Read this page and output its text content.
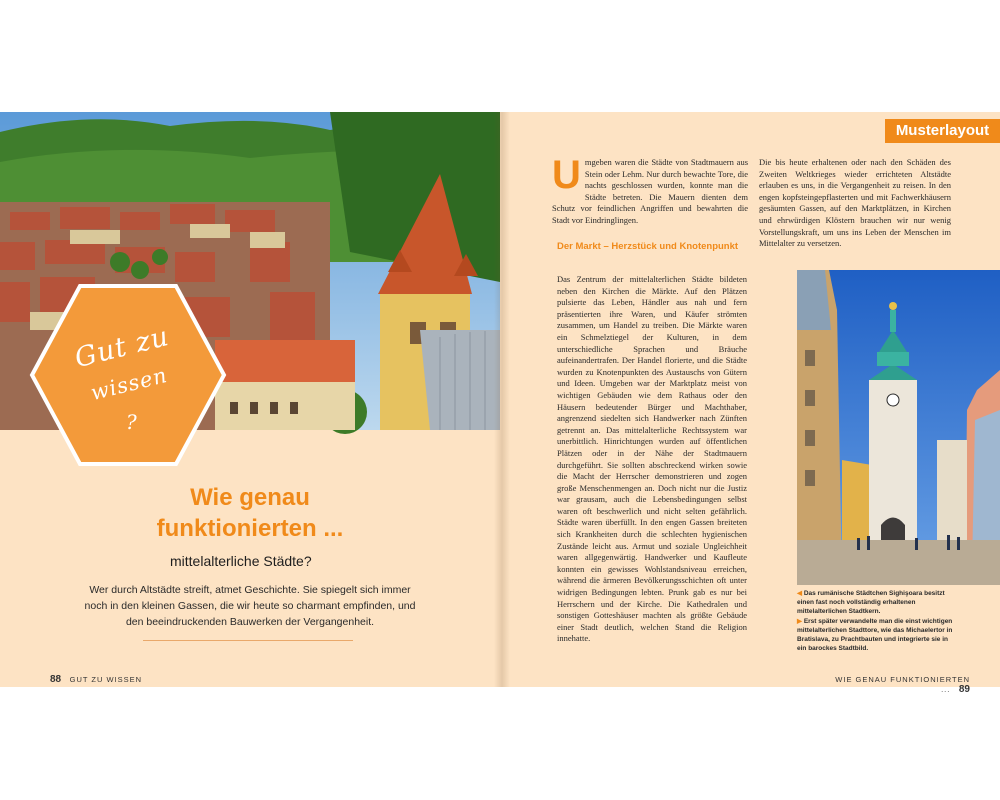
Gut zu
wissen
?
Wie genau
funktionierten ...
mittelalterliche Städte?
Wer durch Altstädte streift, atmet Geschichte. Sie spiegelt sich immer
noch in den kleinen Gassen, die wir heute so charmant empfinden, und
den beeindruckenden Bauwerken der Vergangenheit.
88 GUT ZU WISSEN
Musterlayout
Umgeben waren die Städte von Stadtmauern aus Stein oder Lehm. Nur durch bewachte Tore, die nachts geschlossen wurden, konnte man die Städte betreten. Die Mauern dienten dem Schutz vor feindlichen Angriffen und bewahrten die Stadt vor Eindringlingen.
Der Markt – Herzstück und Knotenpunkt
Das Zentrum der mittelalterlichen Städte bildeten neben den Kirchen die Märkte. Auf den Plätzen pulsierte das Leben, Händler aus nah und fern präsentierten ihre Waren, und Käufer strömten zusammen, um Handel zu treiben. Die Märkte waren ein Schmelztiegel der Kulturen, in dem unterschiedliche Sprachen und Bräuche aufeinandertrafen. Der Handel florierte, und die Städte wurden zu Knotenpunkten des Austauschs von Gütern und Ideen. Umgeben war der Marktplatz meist von wichtigen Gebäuden wie dem Rathaus oder den Häusern bedeutender Bürger und Machthaber, angrenzend siedelten sich Handwerker nach Zünften getrennt an. Das mittelalterliche Rechtssystem war unerbittlich. Hinrichtungen wurden auf öffentlichen Plätzen oder in der Nähe der Stadtmauern durchgeführt. Sie sollten abschreckend wirken sowie die Macht der Herrscher demonstrieren und zogen große Menschenmengen an. Doch nicht nur die Justiz war grausam, auch die Lebensbedingungen selbst waren oft beschwerlich und nicht selten gefährlich. Städte waren überfüllt. In den engen Gassen breiteten sich Krankheiten durch die schlechten hygienischen Zustände leicht aus. Armut und soziale Ungleichheit waren allgegenwärtig. Handwerker und Kaufleute konnten ein gewisses Wohlstandsniveau erreichen, während die ärmeren Bevölkerungsschichten oft unter widrigen Bedingungen lebten. Prunk gab es nur bei Herrschern und der Kirche. Die Kathedralen und sonstigen Gotteshäuser machten als größte Gebäude einer Stadt deutlich, welchen Stand die Religion innehatte.
Die bis heute erhaltenen oder nach den Schäden des Zweiten Weltkrieges wieder errichteten Altstädte erlauben es uns, in die Vergangenheit zu reisen. In den engen kopfsteingepflasterten und mit Fachwerkhäusern gesäumten Gassen, auf den Marktplätzen, in Kirchen und ehrwürdigen Klöstern brauchen wir nur wenig Vorstellungskraft, um uns ins Leben der Menschen im Mittelalter zu versetzen.
◀ Das rumänische Städtchen Sighişoara besitzt einen fast noch vollständig erhaltenen mittelalterlichen Stadtkern.
▶ Erst später verwandelte man die einst wichtigen mittelalterlichen Stadttore, wie das Michaelertor in Bratislava, zu Prachtbauten und integrierte sie in ein barockes Stadtbild.
WIE GENAU FUNKTIONIERTEN ... 89
